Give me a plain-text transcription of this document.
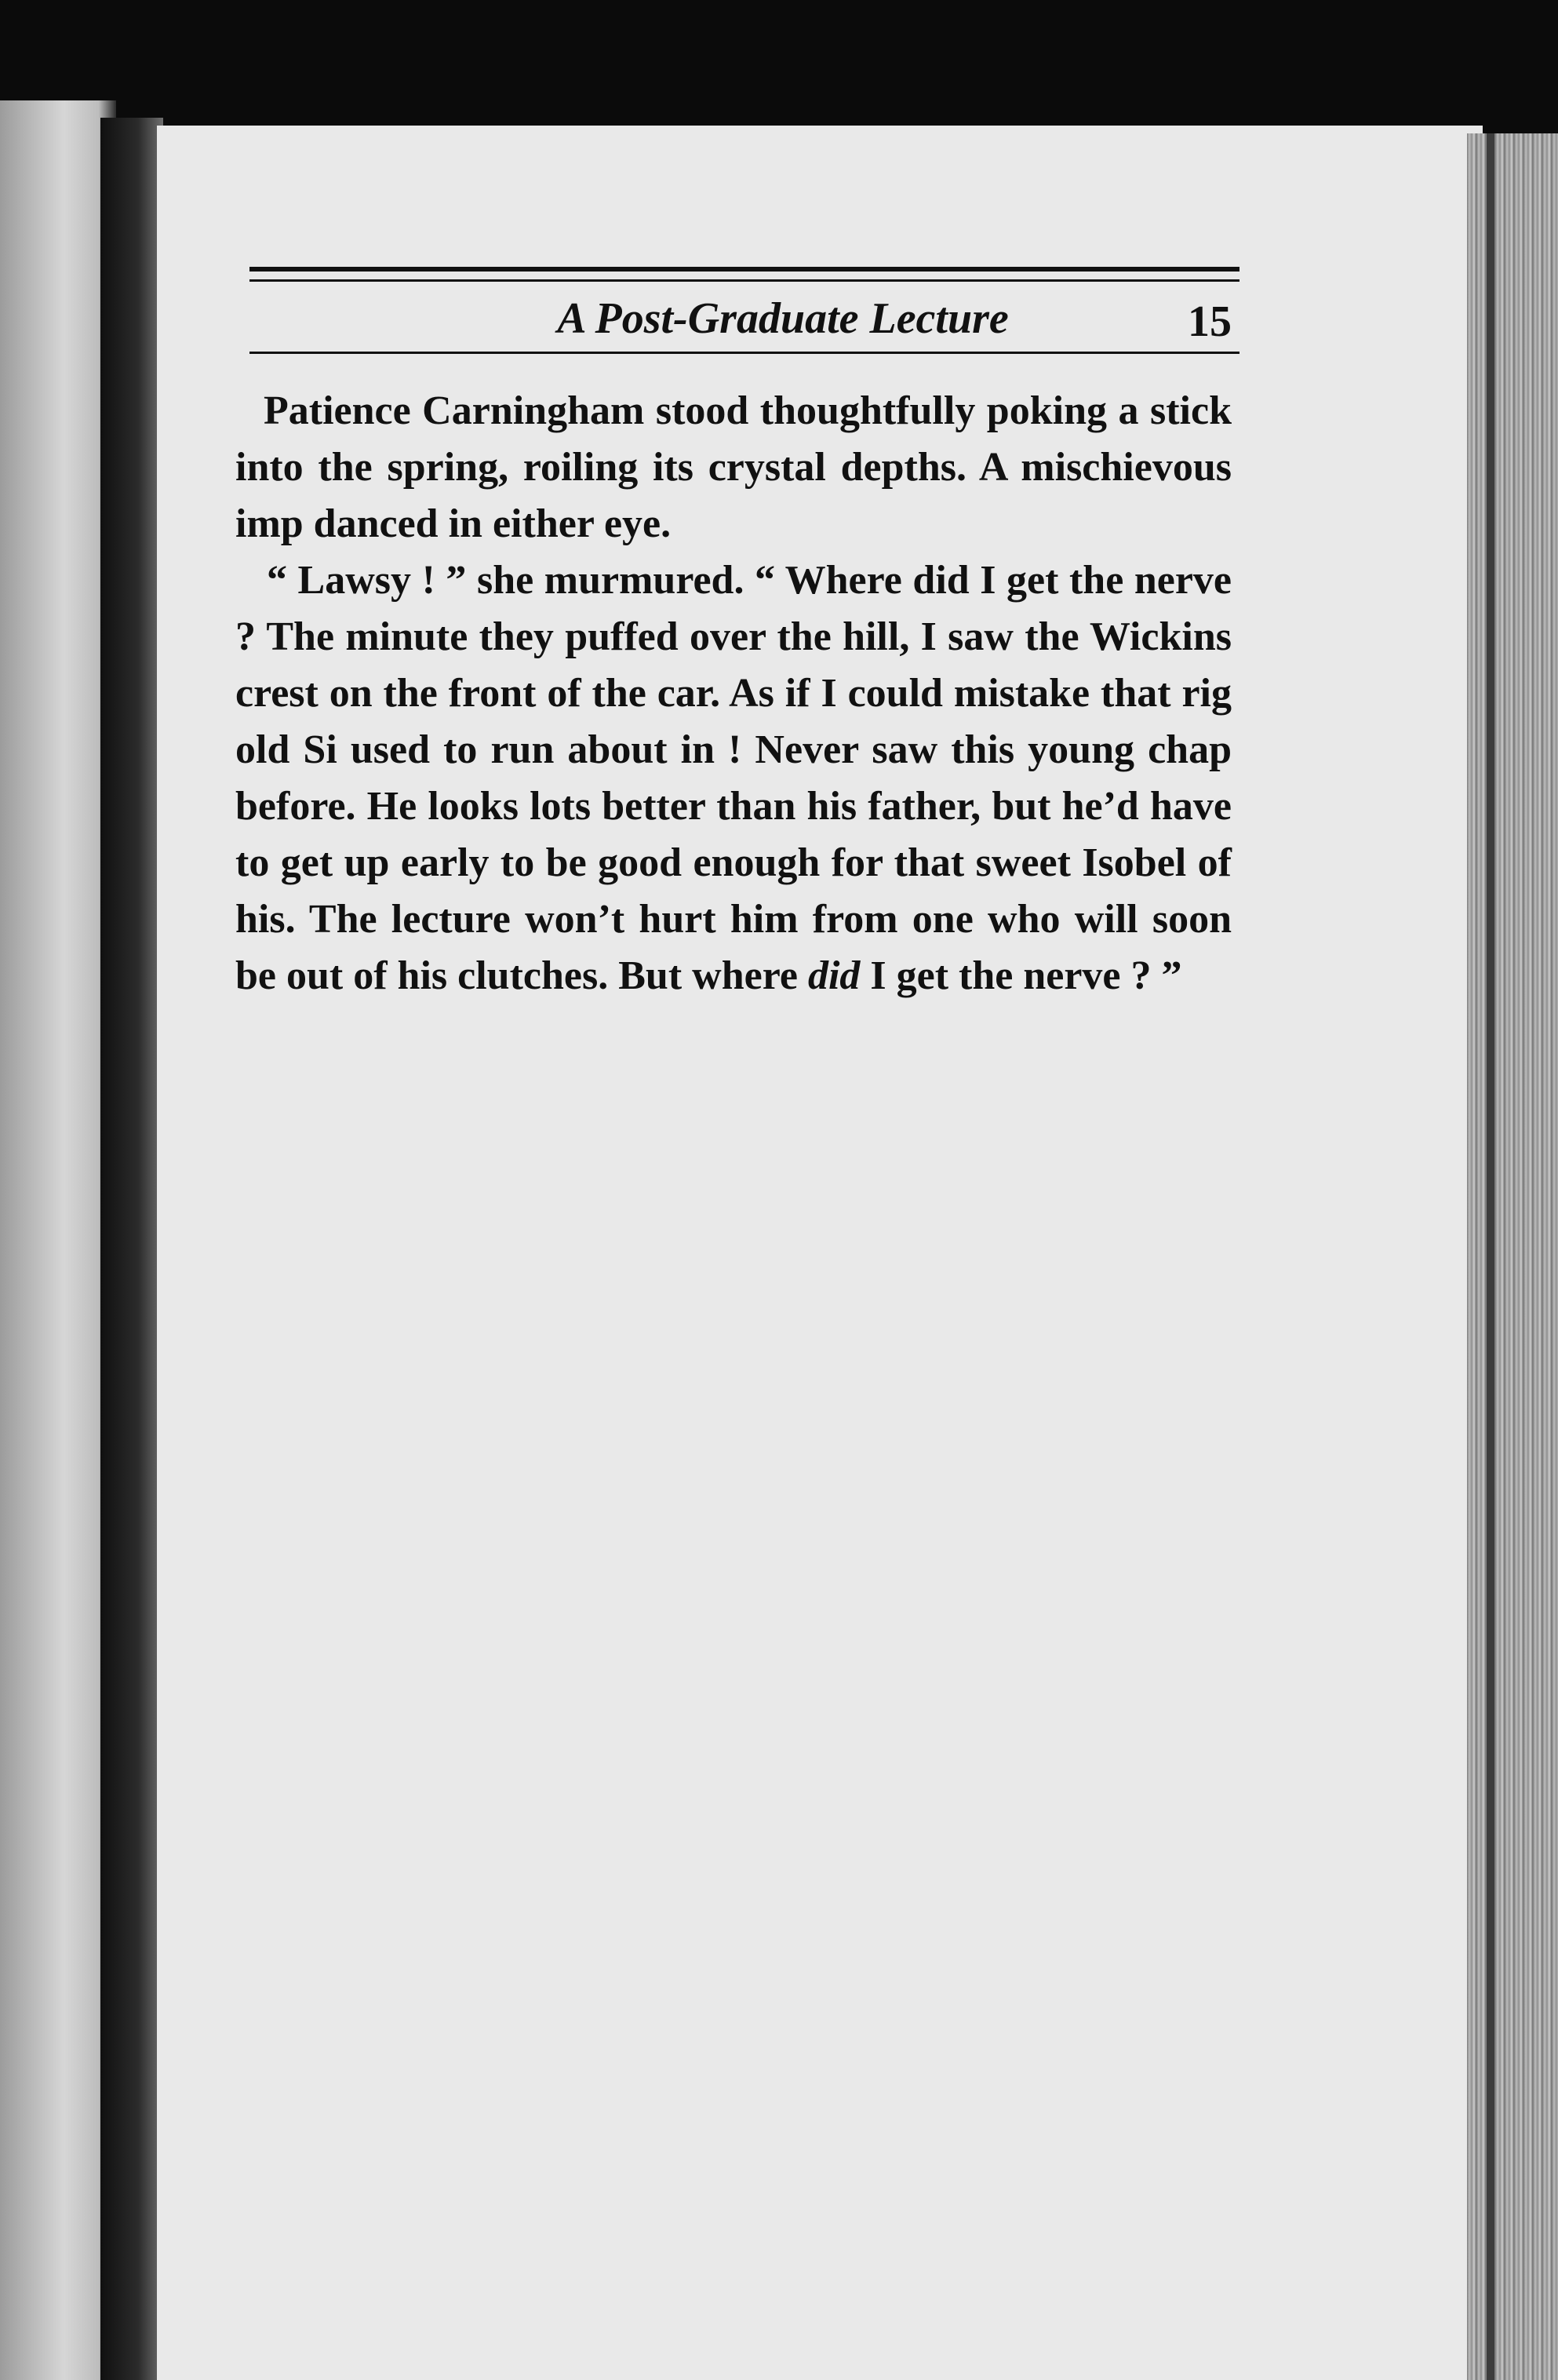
A Post-Graduate Lecture	15

Patience Carningham stood thoughtfully poking a stick into the spring, roiling its crystal depths. A mischievous imp danced in either eye.

“ Lawsy ! ” she murmured. “ Where did I get the nerve ? The minute they puffed over the hill, I saw the Wickins crest on the front of the car. As if I could mistake that rig old Si used to run about in ! Never saw this young chap before. He looks lots better than his father, but he’d have to get up early to be good enough for that sweet Isobel of his. The lecture won’t hurt him from one who will soon be out of his clutches. But where did I get the nerve ? ”
